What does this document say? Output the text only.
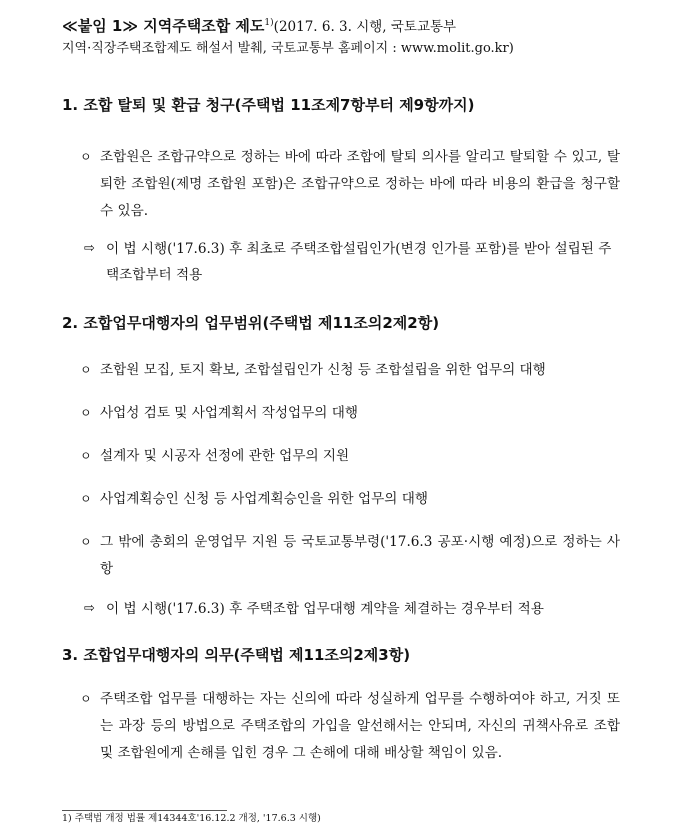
≪붙임 1≫ 지역주택조합 제도$^{1)}$(2017. 6. 3. 시행, 국토교통부
지역·직장주택조합제도 해설서 발췌, 국토교통부 홈페이지 : www.molit.go.kr)
1. 조합 탈퇴 및 환급 청구(주택법 11조제7항부터 제9항까지)
ㅇ 조합원은 조합규약으로 정하는 바에 따라 조합에 탈퇴 의사를 알리고 탈퇴할 수 있고, 탈퇴한 조합원(제명 조합원 포함)은 조합규약으로 정하는 바에 따라 비용의 환급을 청구할 수 있음.
⇨ 이 법 시행('17.6.3) 후 최초로 주택조합설립인가(변경 인가를 포함)를 받아 설립된 주택조합부터 적용
2. 조합업무대행자의 업무범위(주택법 제11조의2제2항)
ㅇ 조합원 모집, 토지 확보, 조합설립인가 신청 등 조합설립을 위한 업무의 대행
ㅇ 사업성 검토 및 사업계획서 작성업무의 대행
ㅇ 설계자 및 시공자 선정에 관한 업무의 지원
ㅇ 사업계획승인 신청 등 사업계획승인을 위한 업무의 대행
ㅇ 그 밖에 총회의 운영업무 지원 등 국토교통부령('17.6.3 공포·시행 예정)으로 정하는 사항
⇨ 이 법 시행('17.6.3) 후 주택조합 업무대행 계약을 체결하는 경우부터 적용
3. 조합업무대행자의 의무(주택법 제11조의2제3항)
ㅇ 주택조합 업무를 대행하는 자는 신의에 따라 성실하게 업무를 수행하여야 하고, 거짓 또는 과장 등의 방법으로 주택조합의 가입을 알선해서는 안되며, 자신의 귀책사유로 조합 및 조합원에게 손해를 입힌 경우 그 손해에 대해 배상할 책임이 있음.
1) 주택법 개정 법률 제14344호'16.12.2 개정, '17.6.3 시행)
